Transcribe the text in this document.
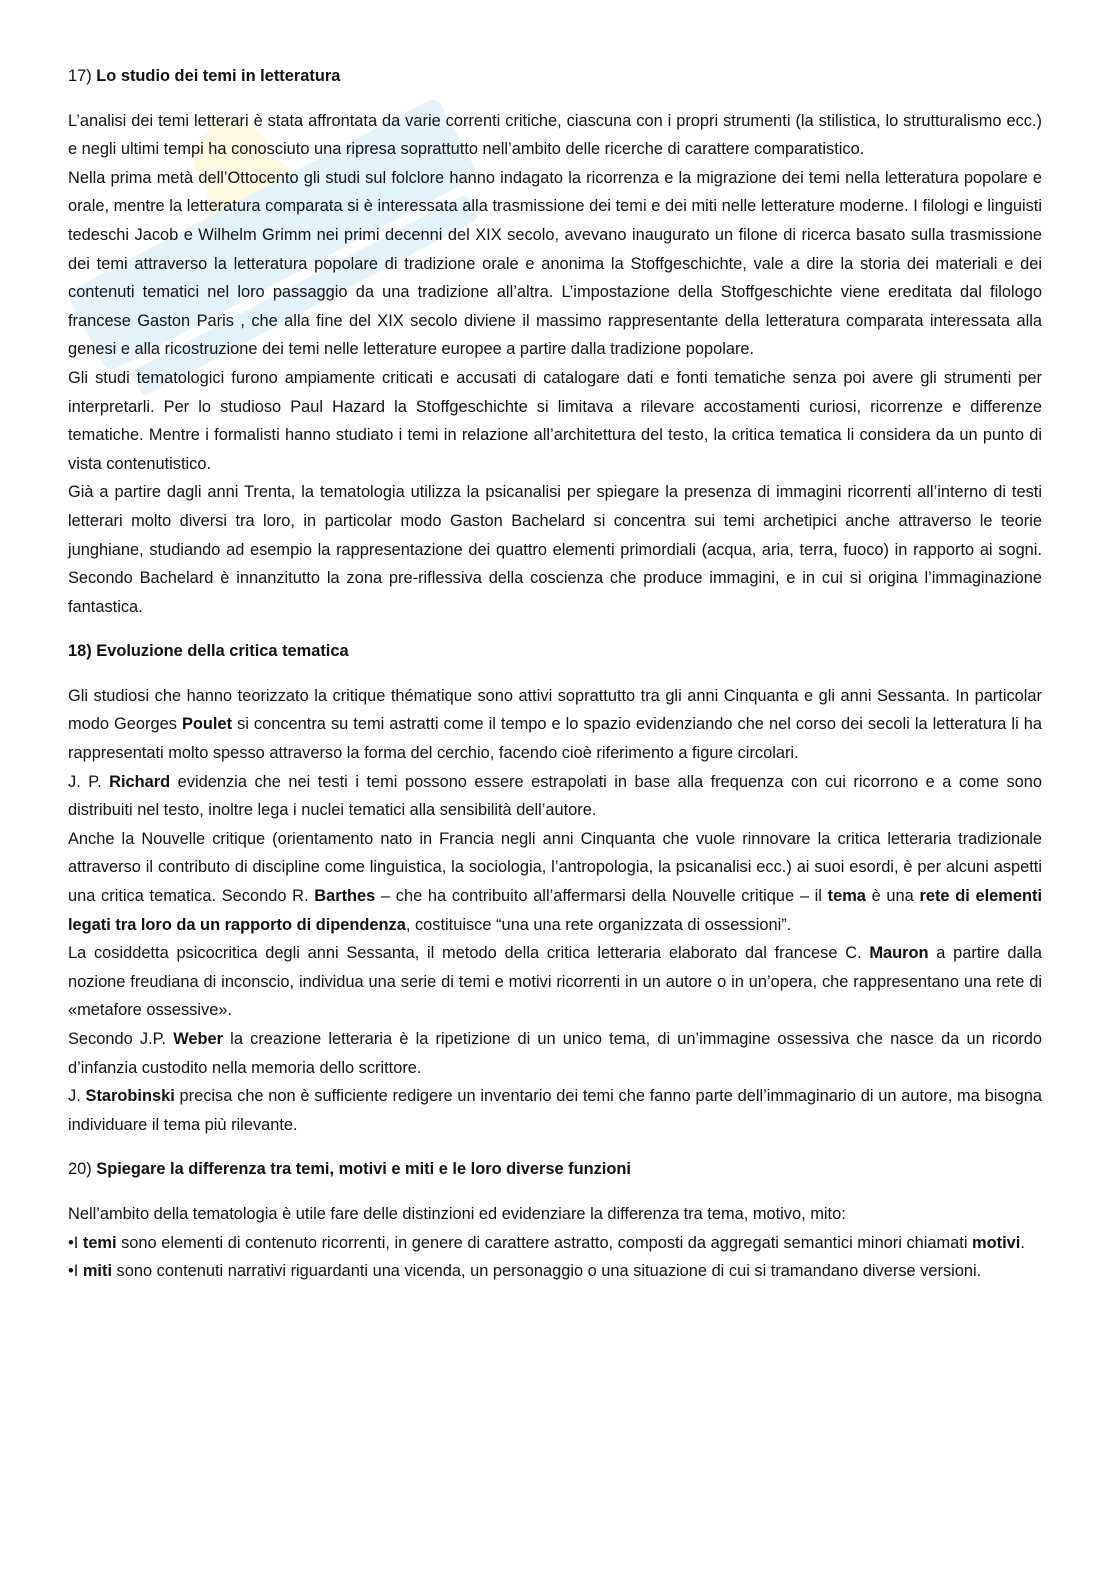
17) Lo studio dei temi in letteratura

L’analisi dei temi letterari è stata affrontata da varie correnti critiche, ciascuna con i propri strumenti (la stilistica, lo strutturalismo ecc.) e negli ultimi tempi ha conosciuto una ripresa soprattutto nell’ambito delle ricerche di carattere comparatistico.

Nella prima metà dell’Ottocento gli studi sul folclore hanno indagato la ricorrenza e la migrazione dei temi nella letteratura popolare e orale, mentre la letteratura comparata si è interessata alla trasmissione dei temi e dei miti nelle letterature moderne. I filologi e linguisti tedeschi Jacob e Wilhelm Grimm nei primi decenni del XIX secolo, avevano inaugurato un filone di ricerca basato sulla trasmissione dei temi attraverso la letteratura popolare di tradizione orale e anonima la Stoffgeschichte, vale a dire la storia dei materiali e dei contenuti tematici nel loro passaggio da una tradizione all’altra. L’impostazione della Stoffgeschichte viene ereditata dal filologo francese Gaston Paris , che alla fine del XIX secolo diviene il massimo rappresentante della letteratura comparata interessata alla genesi e alla ricostruzione dei temi nelle letterature europee a partire dalla tradizione popolare.

Gli studi tematologici furono ampiamente criticati e accusati di catalogare dati e fonti tematiche senza poi avere gli strumenti per interpretarli. Per lo studioso Paul Hazard la Stoffgeschichte si limitava a rilevare accostamenti curiosi, ricorrenze e differenze tematiche. Mentre i formalisti hanno studiato i temi in relazione all’architettura del testo, la critica tematica li considera da un punto di vista contenutistico.

Già a partire dagli anni Trenta, la tematologia utilizza la psicanalisi per spiegare la presenza di immagini ricorrenti all’interno di testi letterari molto diversi tra loro, in particolar modo Gaston Bachelard si concentra sui temi archetipici anche attraverso le teorie junghiane, studiando ad esempio la rappresentazione dei quattro elementi primordiali (acqua, aria, terra, fuoco) in rapporto ai sogni. Secondo Bachelard è innanzitutto la zona pre-riflessiva della coscienza che produce immagini, e in cui si origina l’immaginazione fantastica.

18) Evoluzione della critica tematica

Gli studiosi che hanno teorizzato la critique thématique sono attivi soprattutto tra gli anni Cinquanta e gli anni Sessanta. In particolar modo Georges Poulet si concentra su temi astratti come il tempo e lo spazio evidenziando che nel corso dei secoli la letteratura li ha rappresentati molto spesso attraverso la forma del cerchio, facendo cioè riferimento a figure circolari.

J. P. Richard evidenzia che nei testi i temi possono essere estrapolati in base alla frequenza con cui ricorrono e a come sono distribuiti nel testo, inoltre lega i nuclei tematici alla sensibilità dell’autore.

Anche la Nouvelle critique (orientamento nato in Francia negli anni Cinquanta che vuole rinnovare la critica letteraria tradizionale attraverso il contributo di discipline come linguistica, la sociologia, l’antropologia, la psicanalisi ecc.) ai suoi esordi, è per alcuni aspetti una critica tematica. Secondo R. Barthes – che ha contribuito all’affermarsi della Nouvelle critique – il tema è una rete di elementi legati tra loro da un rapporto di dipendenza, costituisce “una una rete organizzata di ossessioni”.

La cosiddetta psicocritica degli anni Sessanta, il metodo della critica letteraria elaborato dal francese C. Mauron a partire dalla nozione freudiana di inconscio, individua una serie di temi e motivi ricorrenti in un autore o in un’opera, che rappresentano una rete di «metafore ossessive».

Secondo J.P. Weber la creazione letteraria è la ripetizione di un unico tema, di un’immagine ossessiva che nasce da un ricordo d’infanzia custodito nella memoria dello scrittore.

J. Starobinski precisa che non è sufficiente redigere un inventario dei temi che fanno parte dell’immaginario di un autore, ma bisogna individuare il tema più rilevante.

20) Spiegare la differenza tra temi, motivi e miti e le loro diverse funzioni

Nell’ambito della tematologia è utile fare delle distinzioni ed evidenziare la differenza tra tema, motivo, mito:

•I temi sono elementi di contenuto ricorrenti, in genere di carattere astratto, composti da aggregati semantici minori chiamati motivi.

•I miti sono contenuti narrativi riguardanti una vicenda, un personaggio o una situazione di cui si tramandano diverse versioni.
